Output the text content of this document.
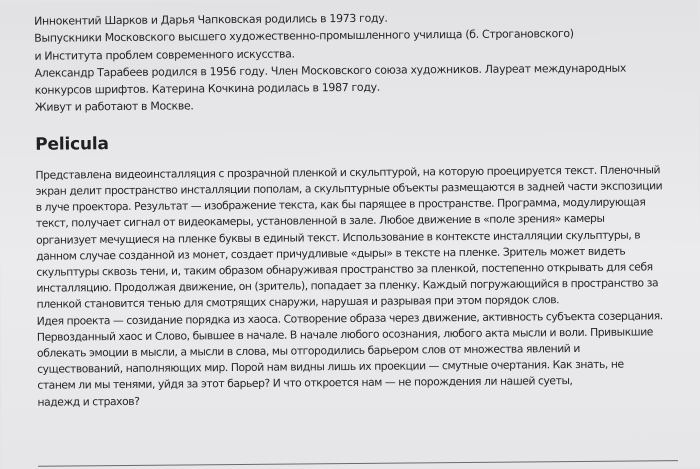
Иннокентий Шарков и Дарья Чапковская родились в 1973 году.

Выпускники Московского высшего художественно-промышленного училища (б. Строгановского)

и Института проблем современного искусства.

Александр Тарабеев родился в 1956 году. Член Московского союза художников. Лауреат международных

конкурсов шрифтов. Катерина Кочкина родилась в 1987 году.

Живут и работают в Москве.

Pelicula

Представлена видеоинсталляция с прозрачной пленкой и скульптурой, на которую проецируется текст. Пленочный

экран делит пространство инсталляции пополам, а скульптурные объекты размещаются в задней части экспозиции

в луче проектора. Результат — изображение текста, как бы парящее в пространстве. Программа, модулирующая

текст, получает сигнал от видеокамеры, установленной в зале. Любое движение в «поле зрения» камеры

организует мечущиеся на пленке буквы в единый текст. Использование в контексте инсталляции скульптуры, в

данном случае созданной из монет, создает причудливые «дыры» в тексте на пленке. Зритель может видеть

скульптуры сквозь тени, и, таким образом обнаруживая пространство за пленкой, постепенно открывать для себя

инсталляцию. Продолжая движение, он (зритель), попадает за пленку. Каждый погружающийся в пространство за

пленкой становится тенью для смотрящих снаружи, нарушая и разрывая при этом порядок слов.

Идея проекта — созидание порядка из хаоса. Сотворение образа через движение, активность субъекта созерцания.

Первозданный хаос и Слово, бывшее в начале. В начале любого осознания, любого акта мысли и воли. Привыкшие

облекать эмоции в мысли, а мысли в слова, мы отгородились барьером слов от множества явлений и

существований, наполняющих мир. Порой нам видны лишь их проекции — смутные очертания. Как знать, не

станем ли мы тенями, уйдя за этот барьер? И что откроется нам — не порождения ли нашей суеты,

надежд и страхов?
